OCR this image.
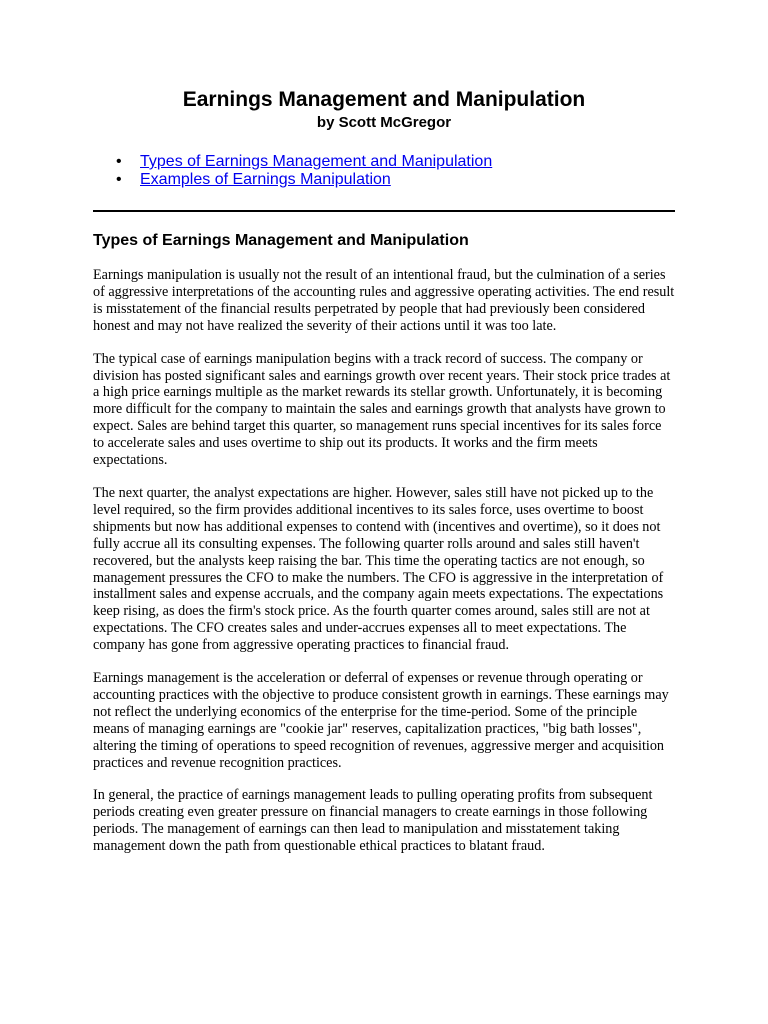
Earnings Management and Manipulation

by Scott McGregor

• Types of Earnings Management and Manipulation
• Examples of Earnings Manipulation
Types of Earnings Management and Manipulation

Earnings manipulation is usually not the result of an intentional fraud, but the culmination of a series of aggressive interpretations of the accounting rules and aggressive operating activities. The end result is misstatement of the financial results perpetrated by people that had previously been considered honest and may not have realized the severity of their actions until it was too late.

The typical case of earnings manipulation begins with a track record of success. The company or division has posted significant sales and earnings growth over recent years. Their stock price trades at a high price earnings multiple as the market rewards its stellar growth. Unfortunately, it is becoming more difficult for the company to maintain the sales and earnings growth that analysts have grown to expect. Sales are behind target this quarter, so management runs special incentives for its sales force to accelerate sales and uses overtime to ship out its products. It works and the firm meets expectations.

The next quarter, the analyst expectations are higher. However, sales still have not picked up to the level required, so the firm provides additional incentives to its sales force, uses overtime to boost shipments but now has additional expenses to contend with (incentives and overtime), so it does not fully accrue all its consulting expenses. The following quarter rolls around and sales still haven't recovered, but the analysts keep raising the bar. This time the operating tactics are not enough, so management pressures the CFO to make the numbers. The CFO is aggressive in the interpretation of installment sales and expense accruals, and the company again meets expectations. The expectations keep rising, as does the firm's stock price. As the fourth quarter comes around, sales still are not at expectations. The CFO creates sales and under-accrues expenses all to meet expectations. The company has gone from aggressive operating practices to financial fraud.

Earnings management is the acceleration or deferral of expenses or revenue through operating or accounting practices with the objective to produce consistent growth in earnings. These earnings may not reflect the underlying economics of the enterprise for the time-period. Some of the principle means of managing earnings are "cookie jar" reserves, capitalization practices, "big bath losses", altering the timing of operations to speed recognition of revenues, aggressive merger and acquisition practices and revenue recognition practices.

In general, the practice of earnings management leads to pulling operating profits from subsequent periods creating even greater pressure on financial managers to create earnings in those following periods. The management of earnings can then lead to manipulation and misstatement taking management down the path from questionable ethical practices to blatant fraud.
